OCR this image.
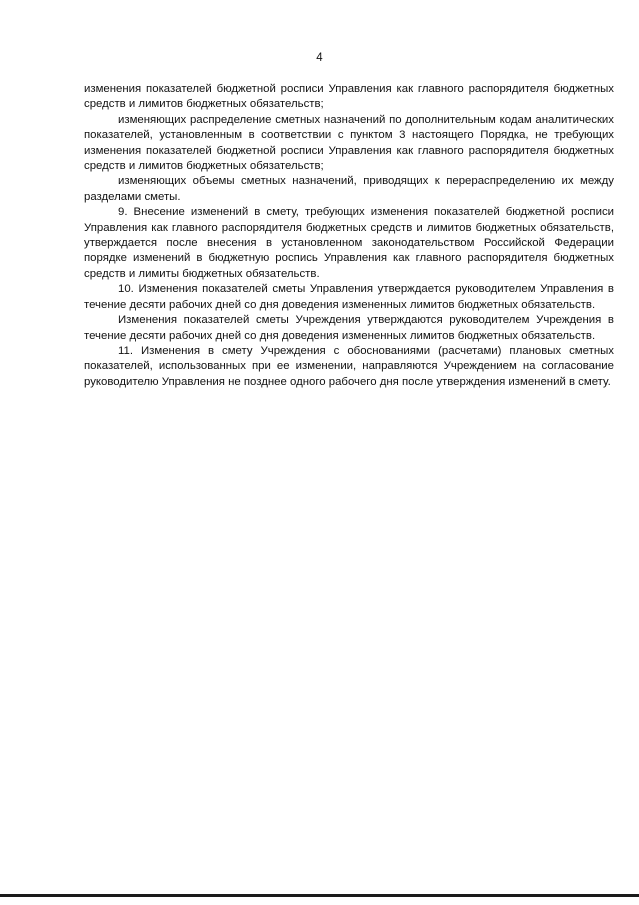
4

изменения показателей бюджетной росписи Управления как главного распорядителя бюджетных средств и лимитов бюджетных обязательств;

изменяющих распределение сметных назначений по дополнительным кодам аналитических показателей, установленным в соответствии с пунктом 3 настоящего Порядка, не требующих изменения показателей бюджетной росписи Управления как главного распорядителя бюджетных средств и лимитов бюджетных обязательств;

изменяющих объемы сметных назначений, приводящих к перераспределению их между разделами сметы.

9. Внесение изменений в смету, требующих изменения показателей бюджетной росписи Управления как главного распорядителя бюджетных средств и лимитов бюджетных обязательств, утверждается после внесения в установленном законодательством Российской Федерации порядке изменений в бюджетную роспись Управления как главного распорядителя бюджетных средств и лимиты бюджетных обязательств.

10. Изменения показателей сметы Управления утверждается руководителем Управления в течение десяти рабочих дней со дня доведения измененных лимитов бюджетных обязательств.

Изменения показателей сметы Учреждения утверждаются руководителем Учреждения в течение десяти рабочих дней со дня доведения измененных лимитов бюджетных обязательств.

11. Изменения в смету Учреждения с обоснованиями (расчетами) плановых сметных показателей, использованных при ее изменении, направляются Учреждением на согласование руководителю Управления не позднее одного рабочего дня после утверждения изменений в смету.
